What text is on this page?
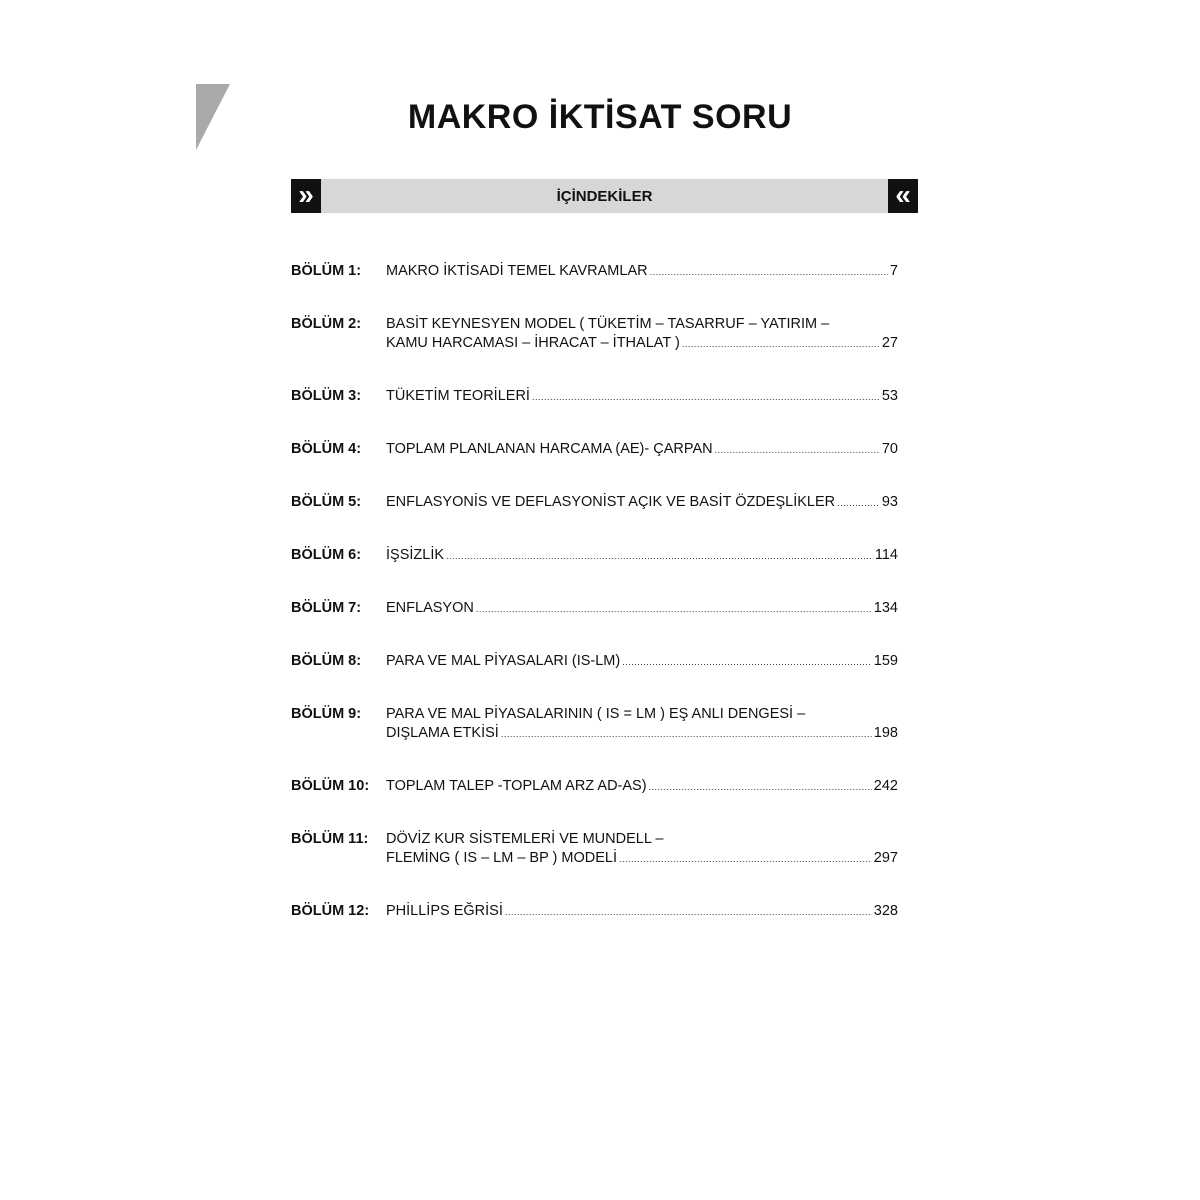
MAKRO İKTİSAT SORU
»	İÇİNDEKİLER	«
BÖLÜM 1:	MAKRO İKTİSADİ TEMEL KAVRAMLAR .....	7
BÖLÜM 2:	BASİT KEYNESYEN MODEL ( TÜKETİM – TASARRUF – YATIRIM –
KAMU HARCAMASI – İHRACAT – İTHALAT ) .....	27
BÖLÜM 3:	TÜKETİM TEORİLERİ .....	53
BÖLÜM 4:	TOPLAM PLANLANAN HARCAMA (AE)- ÇARPAN .....	70
BÖLÜM 5:	ENFLASYONİS VE DEFLASYONİST AÇIK VE BASİT ÖZDEŞLİKLER .....	93
BÖLÜM 6:	İŞSİZLİK .....	114
BÖLÜM 7:	ENFLASYON .....	134
BÖLÜM 8:	PARA VE MAL PİYASALARI (IS-LM) .....	159
BÖLÜM 9:	PARA VE MAL PİYASALARININ ( IS = LM ) EŞ ANLI DENGESİ –
DIŞLAMA ETKİSİ .....	198
BÖLÜM 10:	TOPLAM TALEP -TOPLAM ARZ AD-AS) .....	242
BÖLÜM 11:	DÖVİZ KUR SİSTEMLERİ VE MUNDELL –
FLEMİNG ( IS – LM – BP ) MODELİ .....	297
BÖLÜM 12:	PHİLLİPS EĞRİSİ .....	328
